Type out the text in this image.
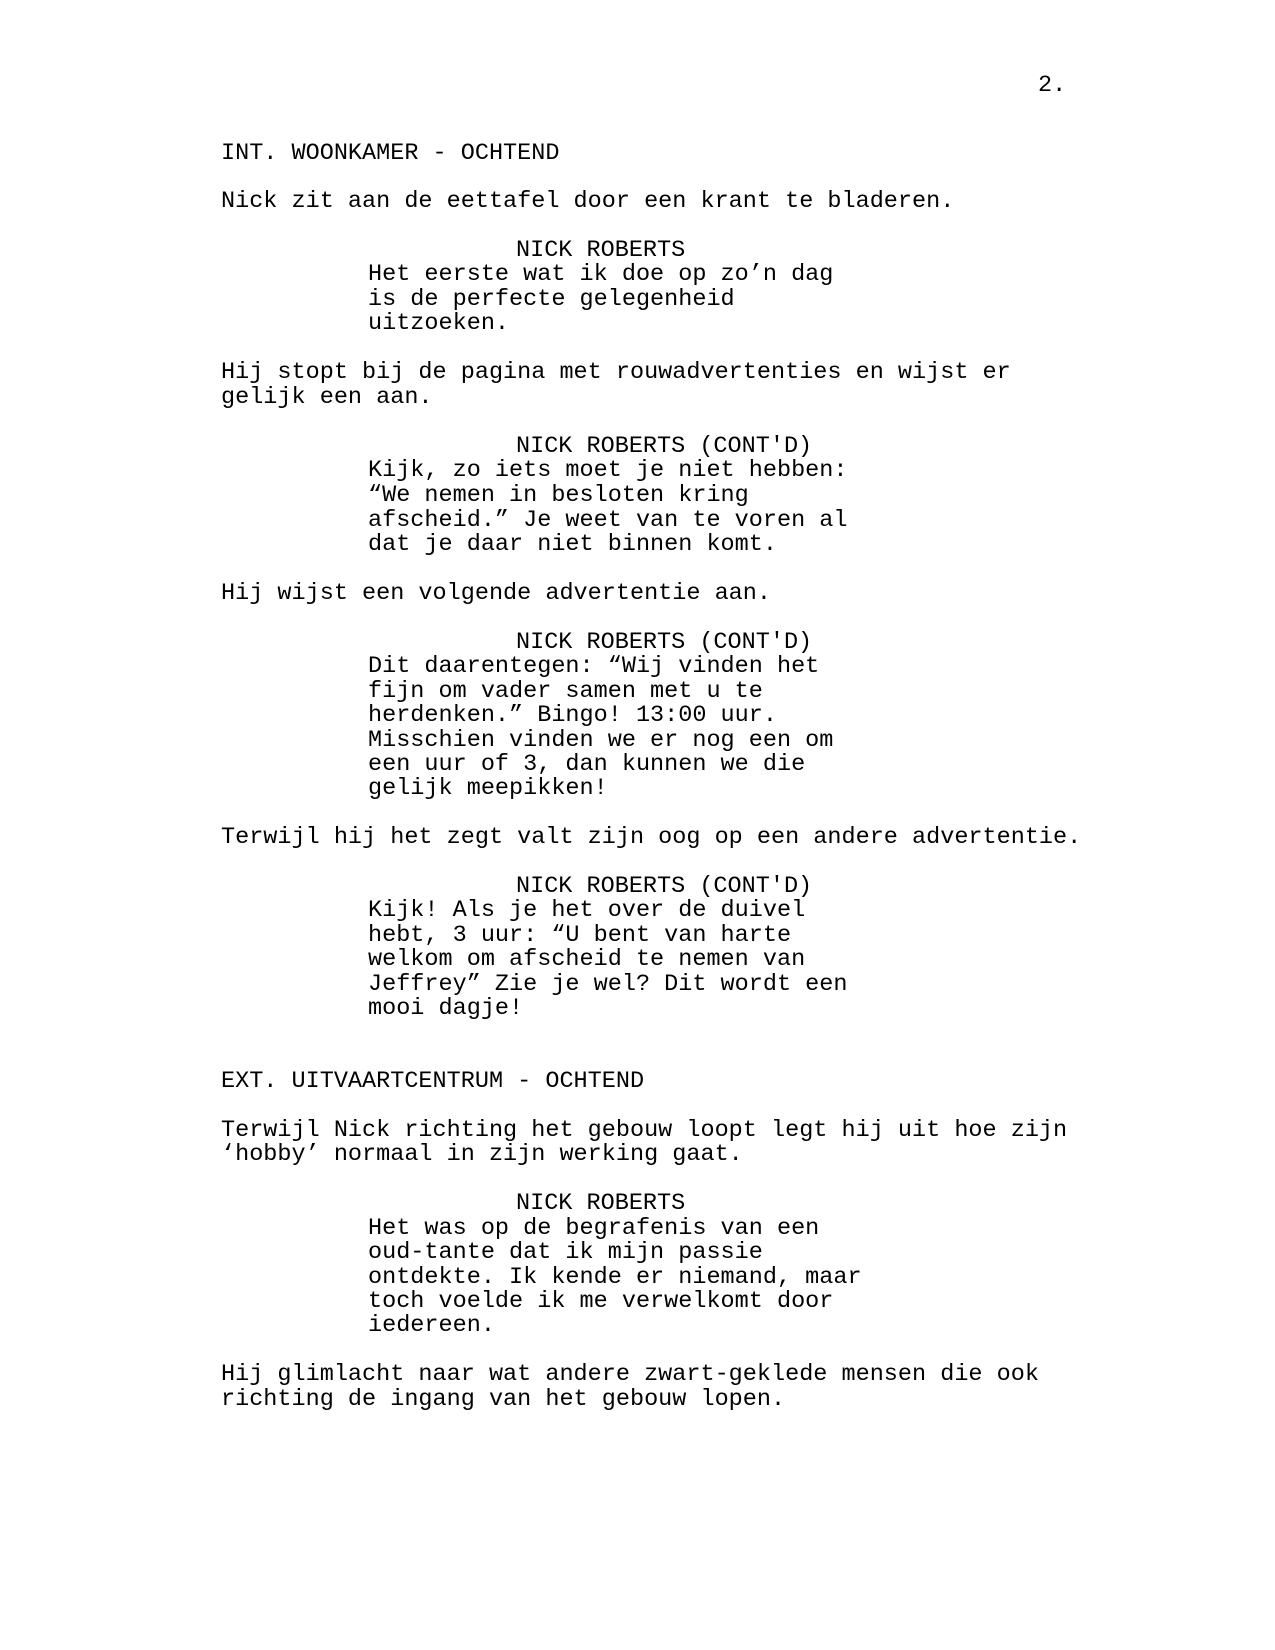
2.
INT. WOONKAMER - OCHTEND
Nick zit aan de eettafel door een krant te bladeren.
NICK ROBERTS
Het eerste wat ik doe op zo’n dag
is de perfecte gelegenheid
uitzoeken.
Hij stopt bij de pagina met rouwadvertenties en wijst er
gelijk een aan.
NICK ROBERTS (CONT'D)
Kijk, zo iets moet je niet hebben:
“We nemen in besloten kring
afscheid.” Je weet van te voren al
dat je daar niet binnen komt.
Hij wijst een volgende advertentie aan.
NICK ROBERTS (CONT'D)
Dit daarentegen: “Wij vinden het
fijn om vader samen met u te
herdenken.” Bingo! 13:00 uur.
Misschien vinden we er nog een om
een uur of 3, dan kunnen we die
gelijk meepikken!
Terwijl hij het zegt valt zijn oog op een andere advertentie.
NICK ROBERTS (CONT'D)
Kijk! Als je het over de duivel
hebt, 3 uur: “U bent van harte
welkom om afscheid te nemen van
Jeffrey” Zie je wel? Dit wordt een
mooi dagje!
EXT. UITVAARTCENTRUM - OCHTEND
Terwijl Nick richting het gebouw loopt legt hij uit hoe zijn
‘hobby’ normaal in zijn werking gaat.
NICK ROBERTS
Het was op de begrafenis van een
oud-tante dat ik mijn passie
ontdekte. Ik kende er niemand, maar
toch voelde ik me verwelkomt door
iedereen.
Hij glimlacht naar wat andere zwart-geklede mensen die ook
richting de ingang van het gebouw lopen.
